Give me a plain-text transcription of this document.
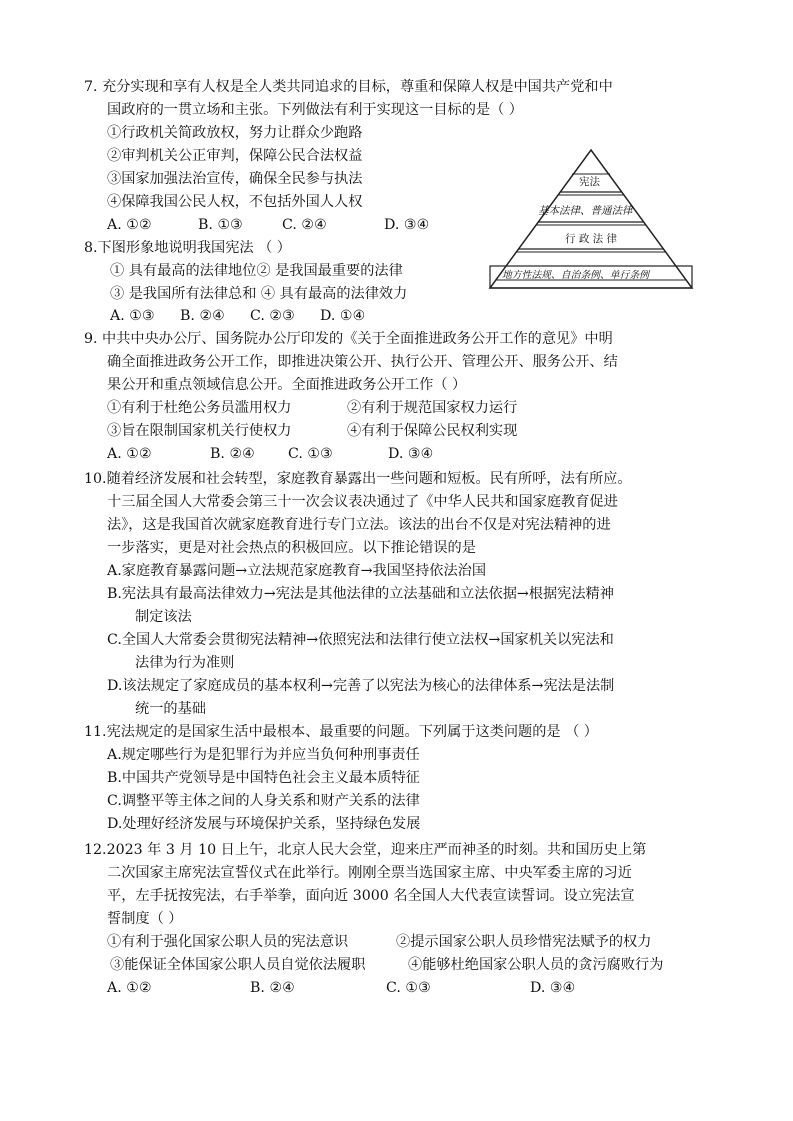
7. 充分实现和享有人权是全人类共同追求的目标，尊重和保障人权是中国共产党和中
国政府的一贯立场和主张。下列做法有利于实现这一目标的是（ ）
①行政机关简政放权，努力让群众少跑路
②审判机关公正审判，保障公民合法权益
③国家加强法治宣传，确保全民参与执法
④保障我国公民人权，不包括外国人人权
A. ①②	B. ①③	C. ②④	D. ③④
8.下图形象地说明我国宪法 （ ）
① 具有最高的法律地位② 是我国最重要的法律
③ 是我国所有法律总和 ④ 具有最高的法律效力
A. ①③ B. ②④ C. ②③ D. ①④
宪法
基本法律、普通法律
行 政 法 律
地方性法规、自治条例、单行条例
9. 中共中央办公厅、国务院办公厅印发的《关于全面推进政务公开工作的意见》中明
确全面推进政务公开工作，即推进决策公开、执行公开、管理公开、服务公开、结
果公开和重点领域信息公开。全面推进政务公开工作（ ）
①有利于杜绝公务员滥用权力	②有利于规范国家权力运行
③旨在限制国家机关行使权力	④有利于保障公民权利实现
A. ①②	B. ②④ C. ①③	D. ③④
10.随着经济发展和社会转型，家庭教育暴露出一些问题和短板。民有所呼，法有所应。
十三届全国人大常委会第三十一次会议表决通过了《中华人民共和国家庭教育促进
法》，这是我国首次就家庭教育进行专门立法。该法的出台不仅是对宪法精神的进
一步落实，更是对社会热点的积极回应。以下推论错误的是
A.家庭教育暴露问题→立法规范家庭教育→我国坚持依法治国
B.宪法具有最高法律效力→宪法是其他法律的立法基础和立法依据→根据宪法精神
制定该法
C.全国人大常委会贯彻宪法精神→依照宪法和法律行使立法权→国家机关以宪法和
法律为行为准则
D.该法规定了家庭成员的基本权利→完善了以宪法为核心的法律体系→宪法是法制
统一的基础
11.宪法规定的是国家生活中最根本、最重要的问题。下列属于这类问题的是 （ ）
A.规定哪些行为是犯罪行为并应当负何种刑事责任
B.中国共产党领导是中国特色社会主义最本质特征
C.调整平等主体之间的人身关系和财产关系的法律
D.处理好经济发展与环境保护关系，坚持绿色发展
12.2023 年 3 月 10 日上午，北京人民大会堂，迎来庄严而神圣的时刻。共和国历史上第
二次国家主席宪法宣誓仪式在此举行。刚刚全票当选国家主席、中央军委主席的习近
平，左手抚按宪法，右手举拳，面向近 3000 名全国人大代表宣读誓词。设立宪法宣
誓制度（ ）
①有利于强化国家公职人员的宪法意识	②提示国家公职人员珍惜宪法赋予的权力
③能保证全体国家公职人员自觉依法履职	④能够杜绝国家公职人员的贪污腐败行为
A. ①②	B. ②④	C. ①③	D. ③④
